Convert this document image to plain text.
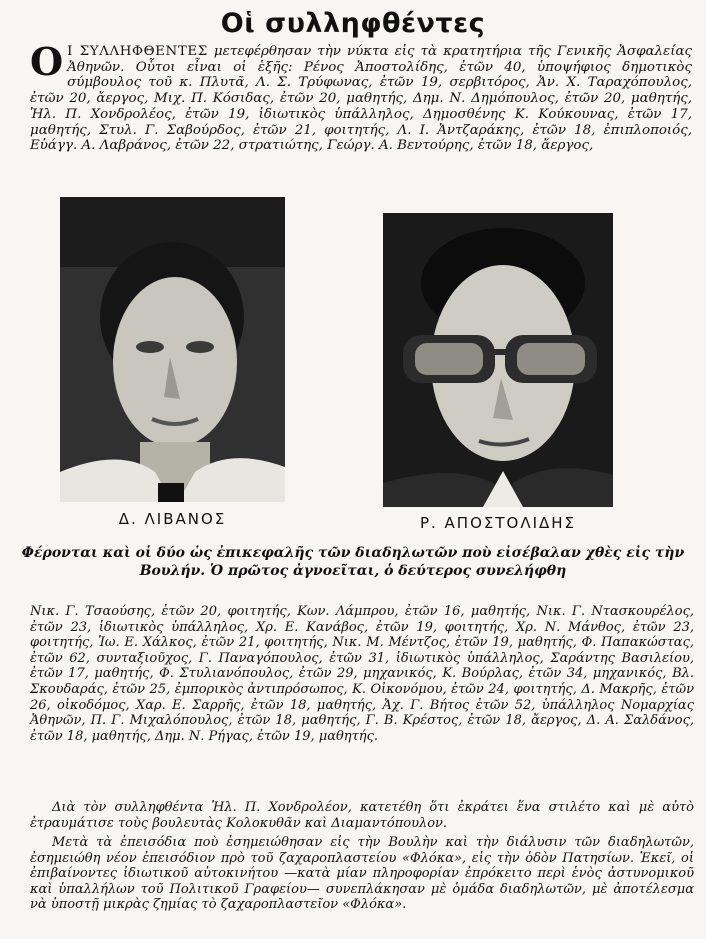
Οἱ συλληφθέντες
Ο Ι ΣΥΛΛΗΦΘΕΝΤΕΣ μετεφέρθησαν τὴν νύκτα εἰς τὰ κρατητήρια τῆς Γενικῆς Ἀσφαλείας Ἀθηνῶν. Οὗτοι εἶναι οἱ ἑξῆς: Ρένος Ἀποστολίδης, ἐτῶν 40, ὑποψήφιος δημοτικὸς σύμβουλος τοῦ κ. Πλυτᾶ, Λ. Σ. Τρύφωνας, ἐτῶν 19, σερβιτόρος, Ἀν. Χ. Ταραχόπουλος, ἐτῶν 20, ἄεργος, Μιχ. Π. Κόσιδας, ἐτῶν 20, μαθητής, Δημ. Ν. Δημόπουλος, ἐτῶν 20, μαθητής, Ἠλ. Π. Χονδρολέος, ἐτῶν 19, ἰδιωτικὸς ὑπάλληλος, Δημοσθένης Κ. Κούκουνας, ἐτῶν 17, μαθητής, Στυλ. Γ. Σαβούρδος, ἐτῶν 21, φοιτητής, Λ. Ι. Ἀντζαράκης, ἐτῶν 18, ἐπιπλοποιός, Εὐάγγ. Α. Λαβράνος, ἐτῶν 22, στρατιώτης, Γεώργ. Α. Βεντούρης, ἐτῶν 18, ἄεργος,
Δ. ΛΙΒΑΝΟΣ	Ρ. ΑΠΟΣΤΟΛΙΔΗΣ
Φέρονται καὶ οἱ δύο ὡς ἐπικεφαλῆς τῶν διαδηλωτῶν ποὺ εἰσέβαλαν χθὲς εἰς τὴν Βουλήν. Ὁ πρῶτος ἀγνοεῖται, ὁ δεύτερος συνελήφθη

Νικ. Γ. Τσαούσης, ἐτῶν 20, φοιτητής, Κων. Λάμπρου, ἐτῶν 16, μαθητής, Νικ. Γ. Ντασκουρέλος, ἐτῶν 23, ἰδιωτικὸς ὑπάλληλος, Χρ. Ε. Κανάβος, ἐτῶν 19, φοιτητής, Χρ. Ν. Μάνθος, ἐτῶν 23, φοιτητής, Ἰω. Ε. Χάλκος, ἐτῶν 21, φοιτητής, Νικ. Μ. Μέντζος, ἐτῶν 19, μαθητής, Φ. Παπακώστας, ἐτῶν 62, συνταξιοῦχος, Γ. Παναγόπουλος, ἐτῶν 31, ἰδιωτικὸς ὑπάλληλος, Σαράντης Βασιλείου, ἐτῶν 17, μαθητής, Φ. Στυλιανόπουλος, ἐτῶν 29, μηχανικός, Κ. Βούρλας, ἐτῶν 34, μηχανικός, Βλ. Σκουδαράς, ἐτῶν 25, ἐμπορικὸς ἀντιπρόσωπος, Κ. Οἰκονόμου, ἐτῶν 24, φοιτητής, Δ. Μακρῆς, ἐτῶν 26, οἰκοδόμος, Χαρ. Ε. Σαρρῆς, ἐτῶν 18, μαθητής, Ἀχ. Γ. Βήτος ἐτῶν 52, ὑπάλληλος Νομαρχίας Ἀθηνῶν, Π. Γ. Μιχαλόπουλος, ἐτῶν 18, μαθητής, Γ. Β. Κρέστος, ἐτῶν 18, ἄεργος, Δ. Α. Σαλδάνος, ἐτῶν 18, μαθητής, Δημ. Ν. Ρήγας, ἐτῶν 19, μαθητής.

Διὰ τὸν συλληφθέντα Ἠλ. Π. Χονδρολέον, κατετέθη ὅτι ἐκράτει ἕνα στιλέτο καὶ μὲ αὐτὸ ἐτραυμάτισε τοὺς βουλευτὰς Κολοκυθᾶν καὶ Διαμαντόπουλον.

Μετὰ τὰ ἐπεισόδια ποὺ ἐσημειώθησαν εἰς τὴν Βουλὴν καὶ τὴν διάλυσιν τῶν διαδηλωτῶν, ἐσημειώθη νέον ἐπεισόδιον πρὸ τοῦ ζαχαροπλαστείου «Φλόκα», εἰς τὴν ὁδὸν Πατησίων. Ἐκεῖ, οἱ ἐπιβαίνοντες ἰδιωτικοῦ αὐτοκινήτου —κατὰ μίαν πληροφορίαν ἐπρόκειτο περὶ ἑνὸς ἀστυνομικοῦ καὶ ὑπαλλήλων τοῦ Πολιτικοῦ Γραφείου— συνεπλάκησαν μὲ ὁμάδα διαδηλωτῶν, μὲ ἀποτέλεσμα νὰ ὑποστῇ μικρὰς ζημίας τὸ ζαχαροπλαστεῖον «Φλόκα».
